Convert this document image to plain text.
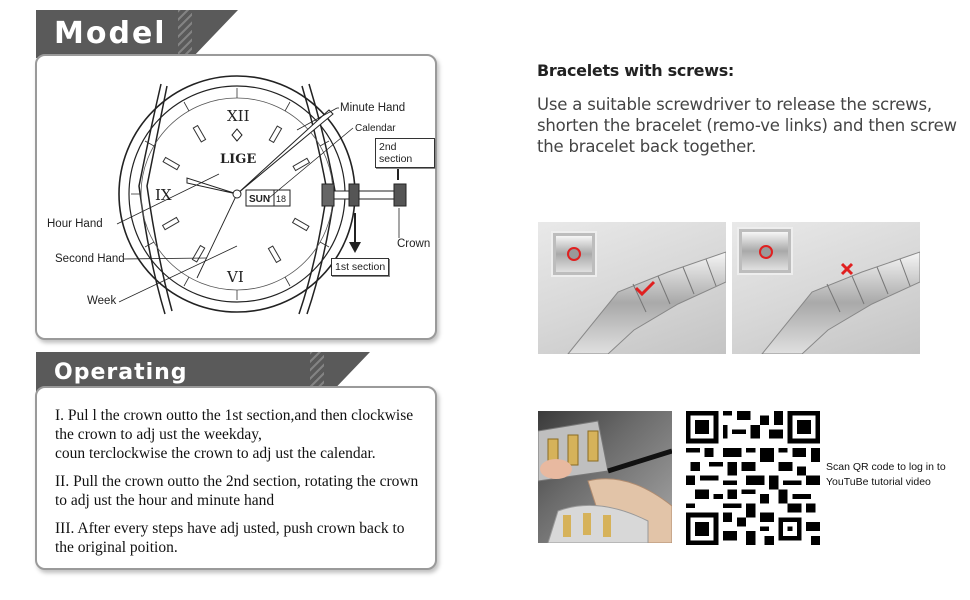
Model
XII
IX
VI
LIGE
SUN 18
Minute Hand
Calendar
2nd section
Crown
1st section
Hour Hand
Second Hand
Week
Operating

I. Pul l the crown outto the 1st section,and then clockwise
the crown to adj ust the weekday,
coun terclockwise the crown to adj ust the calendar.

II. Pull the crown outto the 2nd section, rotating the crown
to adj ust the hour and minute hand

III. After every steps have adj usted, push crown back to
the original poition.

Bracelets with screws:
Use a suitable screwdriver to release the screws,
shorten the bracelet (remo-ve links) and then screw
the bracelet back together.
Scan QR code to log in to
YouTuBe tutorial video
